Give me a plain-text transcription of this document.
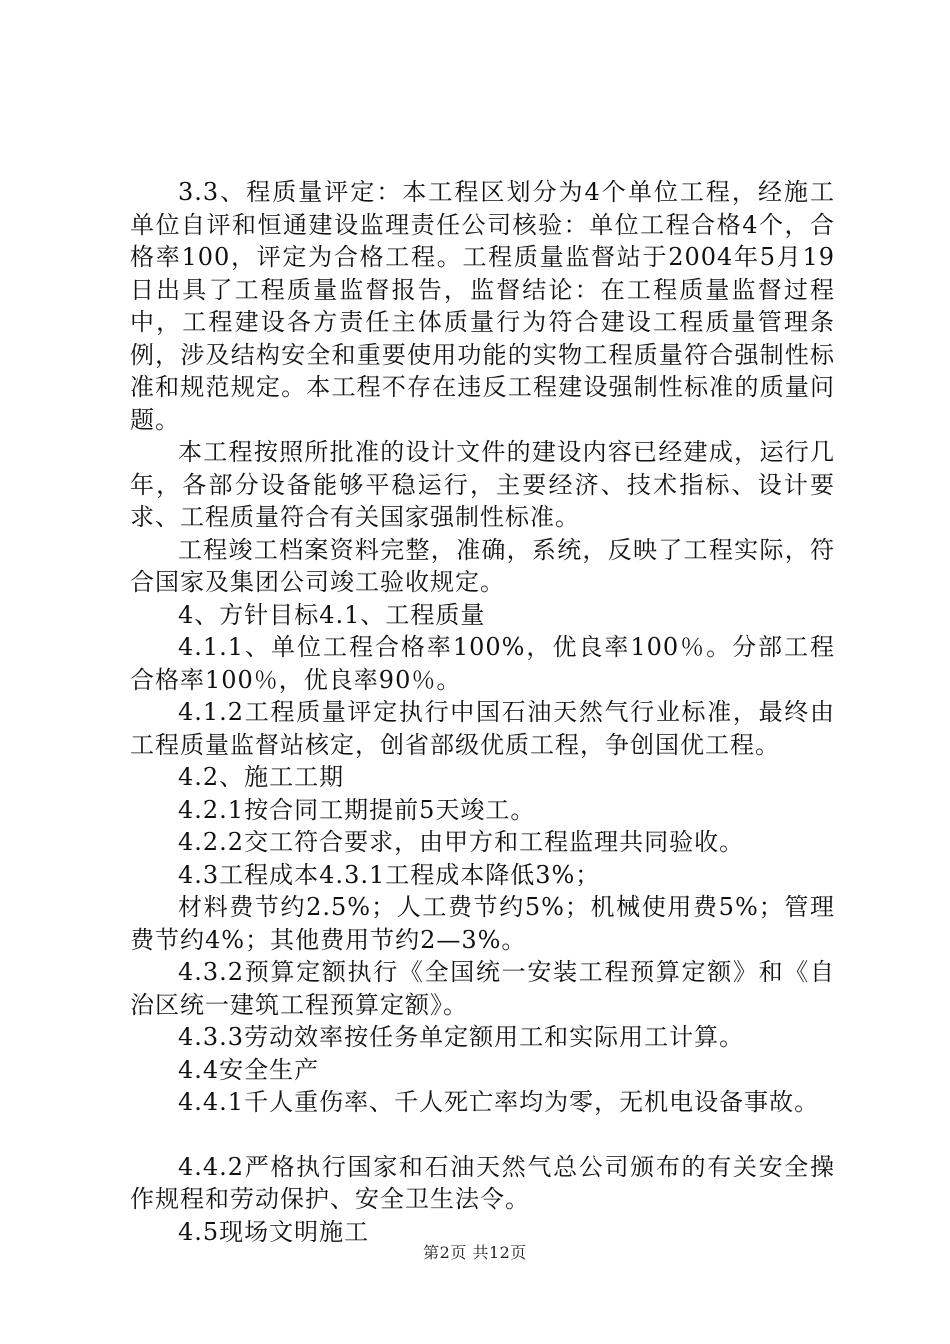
3.3、程质量评定：本工程区划分为4个单位工程，经施工单位自评和恒通建设监理责任公司核验：单位工程合格4个，合格率100，评定为合格工程。工程质量监督站于2004年5月19日出具了工程质量监督报告，监督结论：在工程质量监督过程中，工程建设各方责任主体质量行为符合建设工程质量管理条例，涉及结构安全和重要使用功能的实物工程质量符合强制性标准和规范规定。本工程不存在违反工程建设强制性标准的质量问题。

本工程按照所批准的设计文件的建设内容已经建成，运行几年，各部分设备能够平稳运行，主要经济、技术指标、设计要求、工程质量符合有关国家强制性标准。

工程竣工档案资料完整，准确，系统，反映了工程实际，符合国家及集团公司竣工验收规定。

4、方针目标4.1、工程质量

4.1.1、单位工程合格率100%，优良率100％。分部工程合格率100％，优良率90％。

4.1.2工程质量评定执行中国石油天然气行业标准，最终由工程质量监督站核定，创省部级优质工程，争创国优工程。

4.2、施工工期

4.2.1按合同工期提前5天竣工。

4.2.2交工符合要求，由甲方和工程监理共同验收。

4.3工程成本4.3.1工程成本降低3%；

材料费节约2.5%；人工费节约5%；机械使用费5%；管理费节约4%；其他费用节约2—3%。

4.3.2预算定额执行《全国统一安装工程预算定额》和《自治区统一建筑工程预算定额》。

4.3.3劳动效率按任务单定额用工和实际用工计算。

4.4安全生产

4.4.1千人重伤率、千人死亡率均为零，无机电设备事故。

4.4.2严格执行国家和石油天然气总公司颁布的有关安全操作规程和劳动保护、安全卫生法令。

4.5现场文明施工

第2页 共12页
